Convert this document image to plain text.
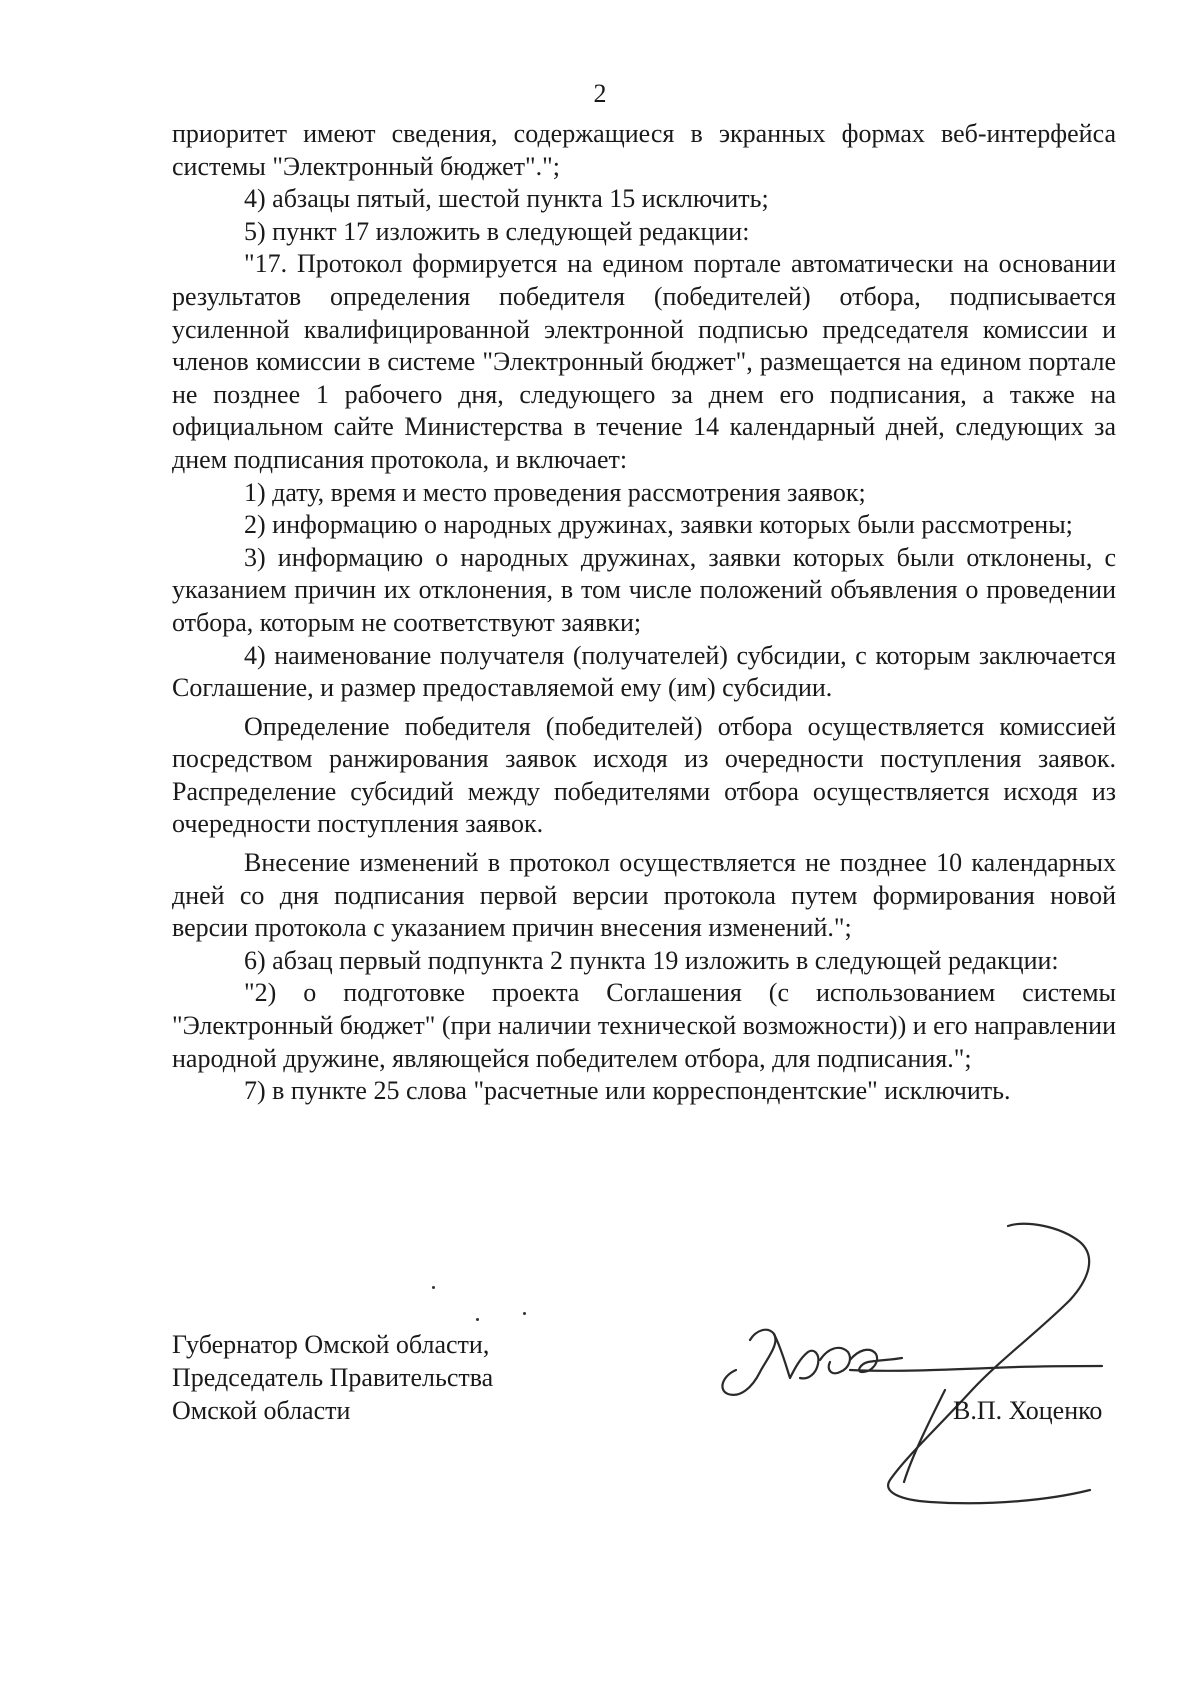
2

приоритет имеют сведения, содержащиеся в экранных формах веб-интерфейса системы "Электронный бюджет".";

4) абзацы пятый, шестой пункта 15 исключить;

5) пункт 17 изложить в следующей редакции:

"17. Протокол формируется на едином портале автоматически на основании результатов определения победителя (победителей) отбора, подписывается усиленной квалифицированной электронной подписью председателя комиссии и членов комиссии в системе "Электронный бюджет", размещается на едином портале не позднее 1 рабочего дня, следующего за днем его подписания, а также на официальном сайте Министерства в течение 14 календарный дней, следующих за днем подписания протокола, и включает:

1) дату, время и место проведения рассмотрения заявок;

2) информацию о народных дружинах, заявки которых были рассмотрены;

3) информацию о народных дружинах, заявки которых были отклонены, с указанием причин их отклонения, в том числе положений объявления о проведении отбора, которым не соответствуют заявки;

4) наименование получателя (получателей) субсидии, с которым заключается Соглашение, и размер предоставляемой ему (им) субсидии.

Определение победителя (победителей) отбора осуществляется комиссией посредством ранжирования заявок исходя из очередности поступления заявок. Распределение субсидий между победителями отбора осуществляется исходя из очередности поступления заявок.

Внесение изменений в протокол осуществляется не позднее 10 календарных дней со дня подписания первой версии протокола путем формирования новой версии протокола с указанием причин внесения изменений.";

6) абзац первый подпункта 2 пункта 19 изложить в следующей редакции:

"2) о подготовке проекта Соглашения (с использованием системы "Электронный бюджет" (при наличии технической возможности)) и его направлении народной дружине, являющейся победителем отбора, для подписания.";

7) в пункте 25 слова "расчетные или корреспондентские" исключить.

Губернатор Омской области,
Председатель Правительства
Омской области	В.П. Хоценко
